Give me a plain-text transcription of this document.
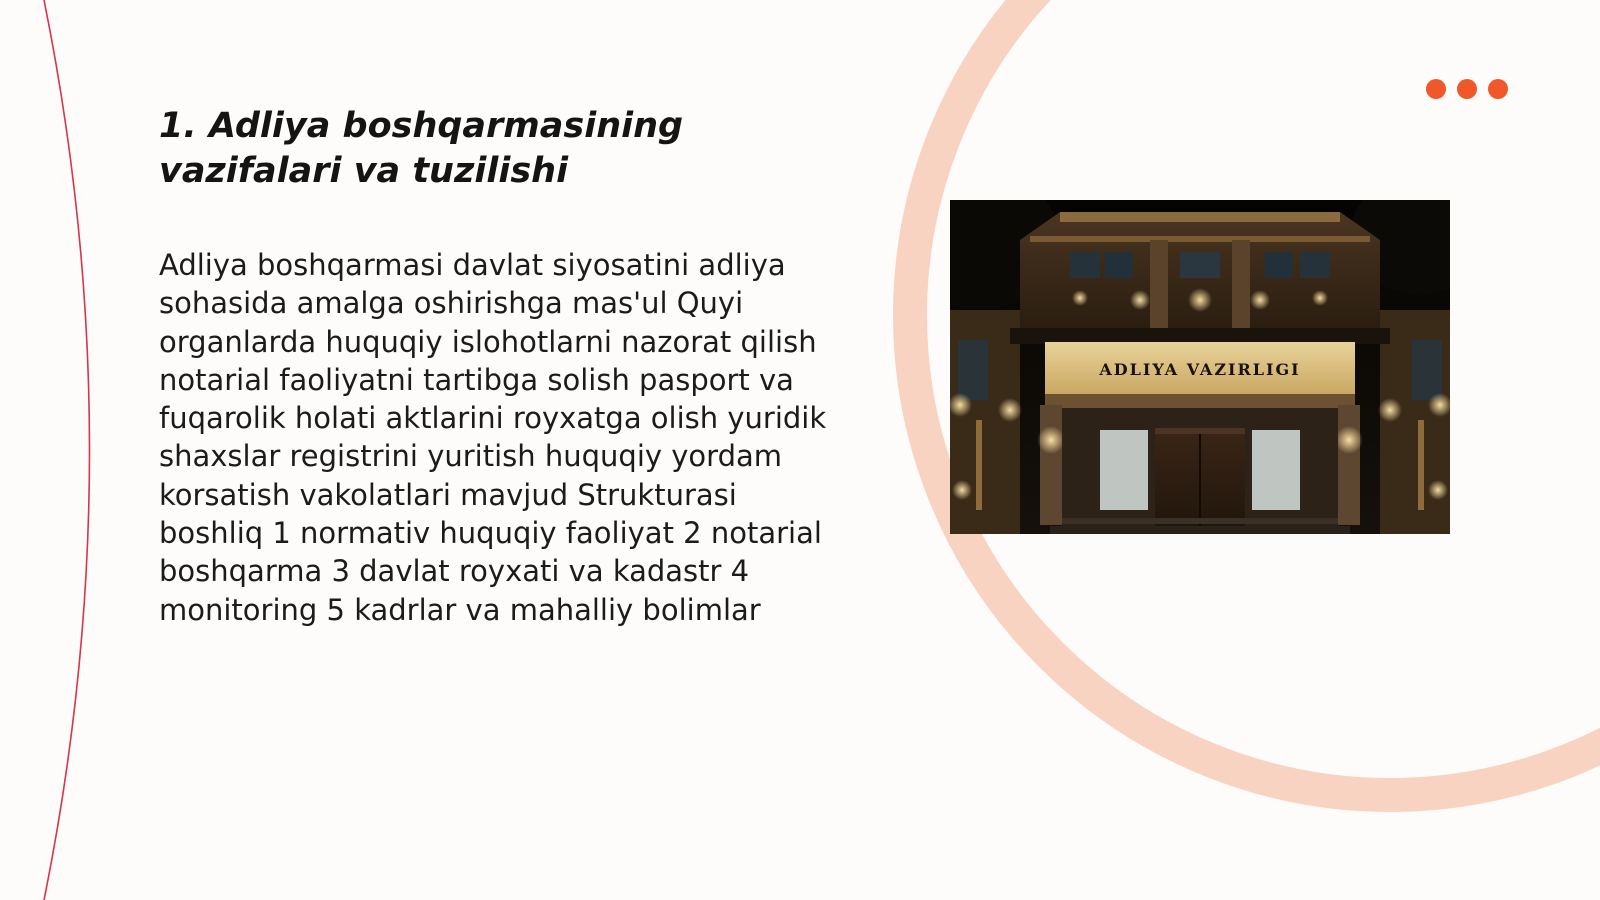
1. Adliya boshqarmasining vazifalari va tuzilishi

Adliya boshqarmasi davlat siyosatini adliya sohasida amalga oshirishga mas'ul Quyi organlarda huquqiy islohotlarni nazorat qilish notarial faoliyatni tartibga solish pasport va fuqarolik holati aktlarini royxatga olish yuridik shaxslar registrini yuritish huquqiy yordam korsatish vakolatlari mavjud Strukturasi boshliq 1 normativ huquqiy faoliyat 2 notarial boshqarma 3 davlat royxati va kadastr 4 monitoring 5 kadrlar va mahalliy bolimlar

ADLIYA VAZIRLIGI
